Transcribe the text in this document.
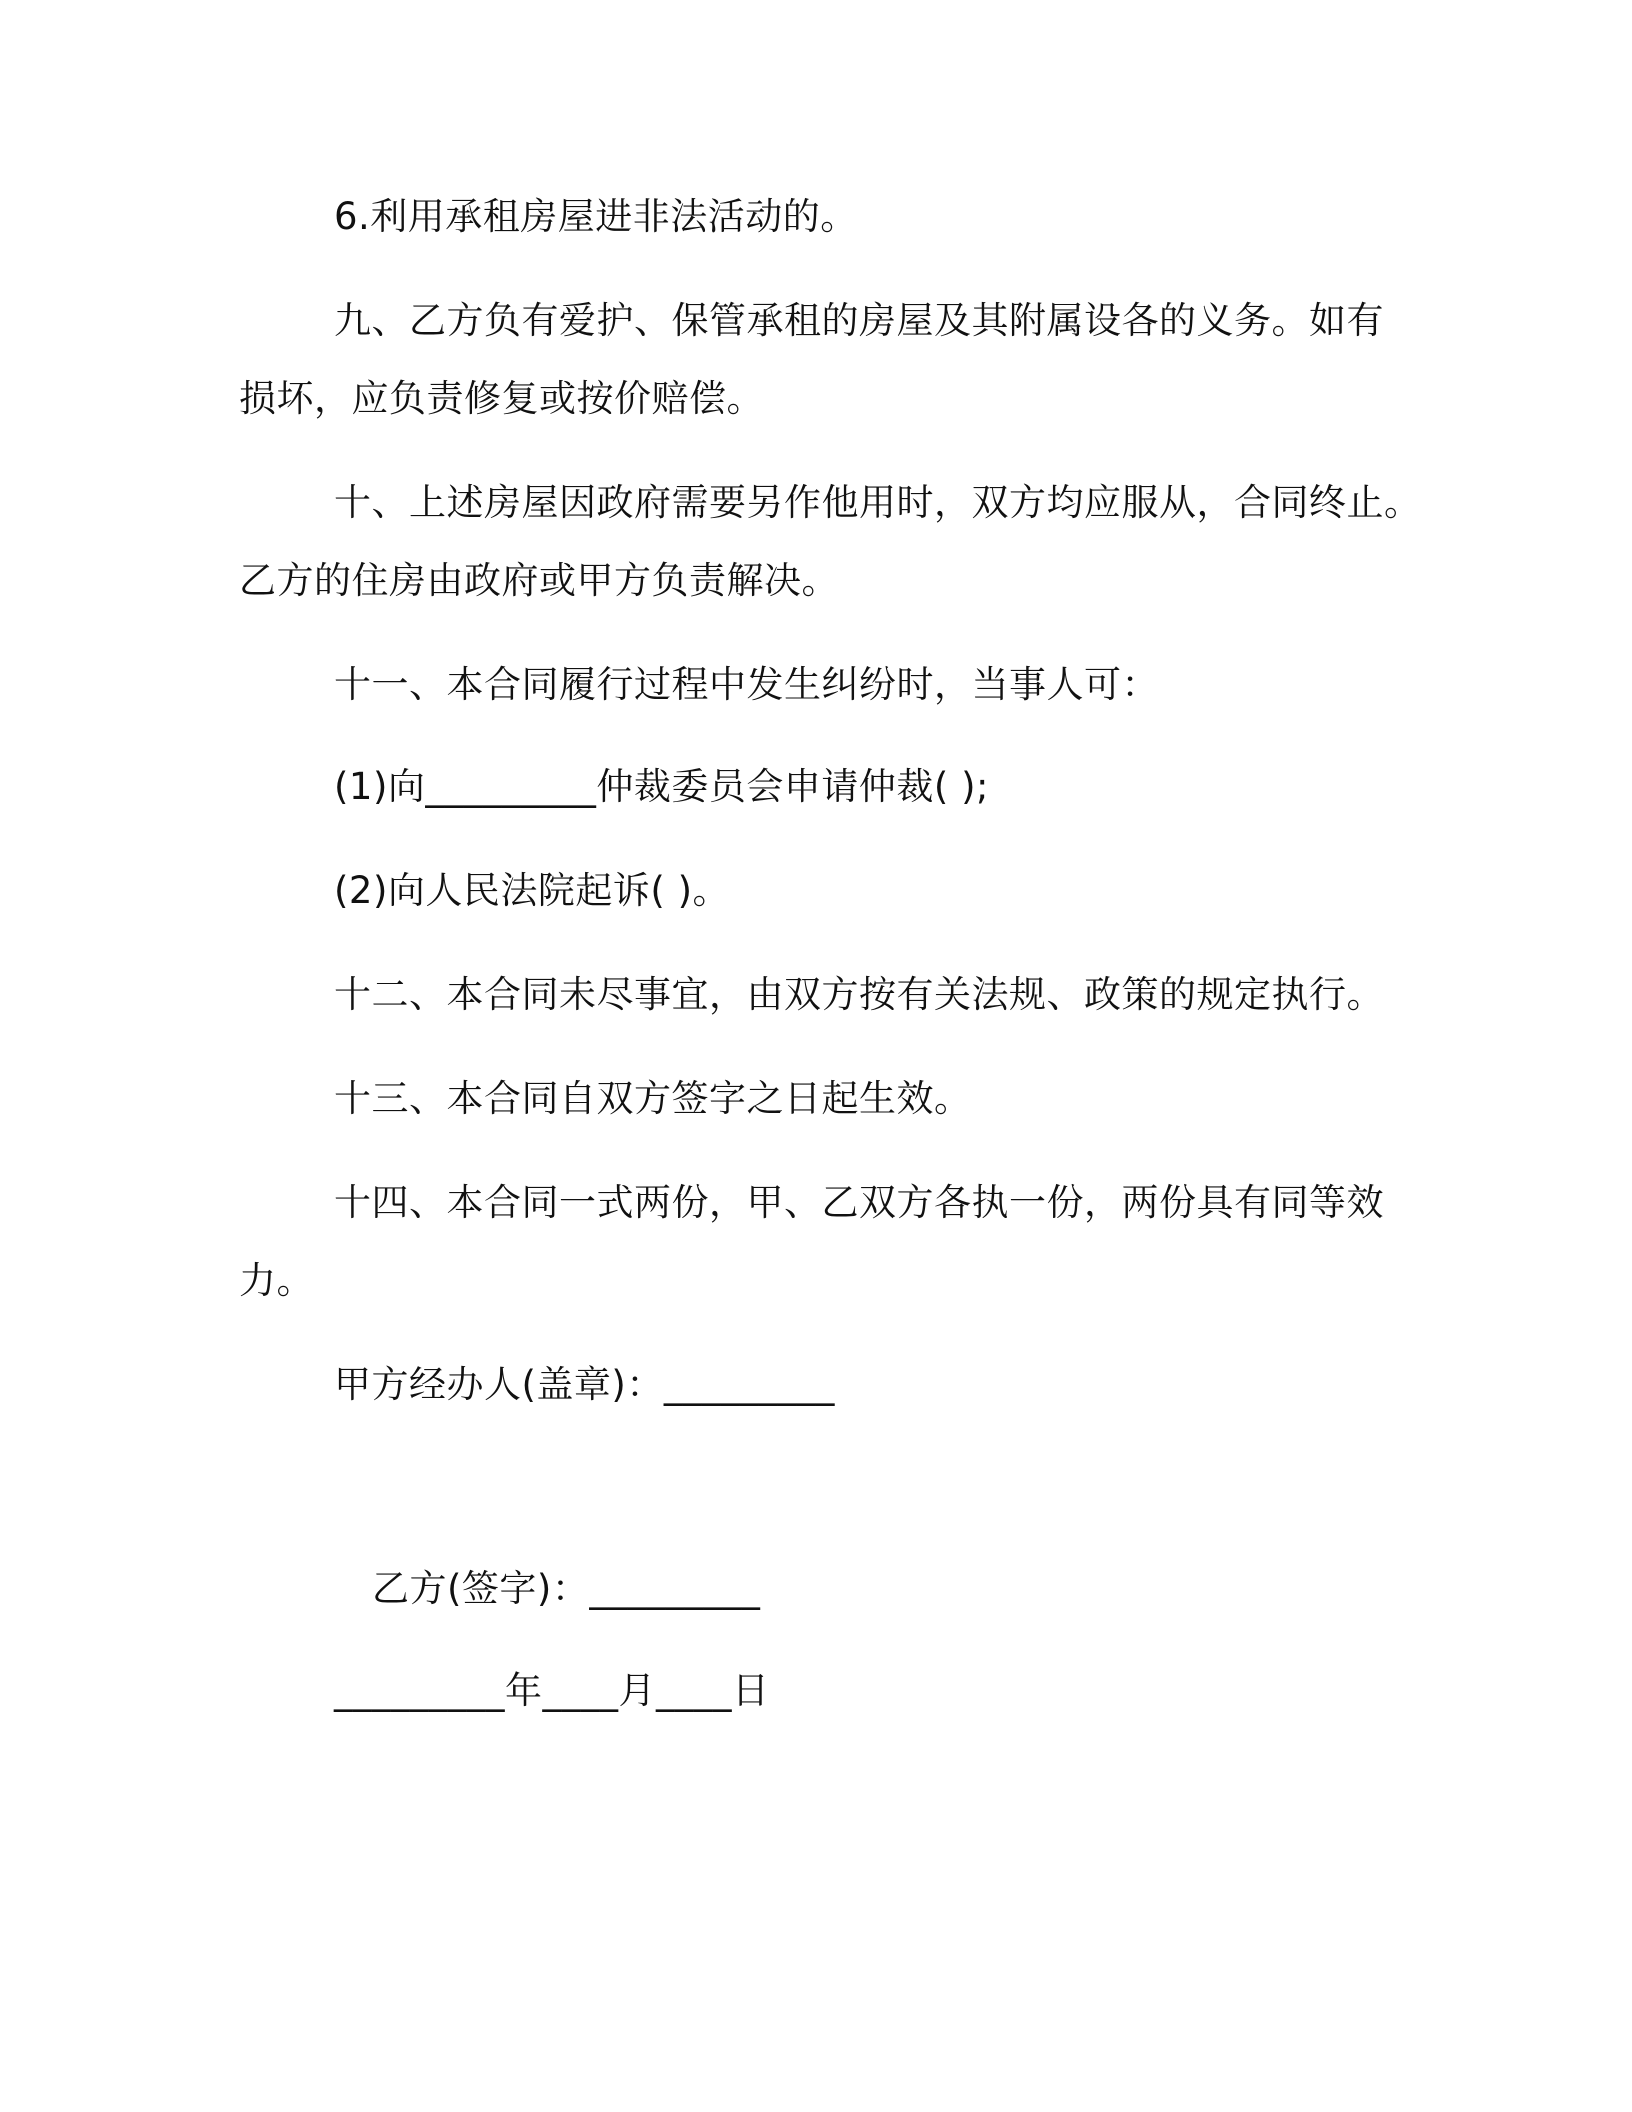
6.利用承租房屋进非法活动的。
九、乙方负有爱护、保管承租的房屋及其附属设各的义务。如有
损坏，应负责修复或按价赔偿。
十、上述房屋因政府需要另作他用时，双方均应服从，合同终止。
乙方的住房由政府或甲方负责解决。
十一、本合同履行过程中发生纠纷时，当事人可：
(1)向_________仲裁委员会申请仲裁( );
(2)向人民法院起诉( )。
十二、本合同未尽事宜，由双方按有关法规、政策的规定执行。
十三、本合同自双方签字之日起生效。
十四、本合同一式两份，甲、乙双方各执一份，两份具有同等效
力。
甲方经办人(盖章)：_________
乙方(签字)：_________
_________年____月____日
